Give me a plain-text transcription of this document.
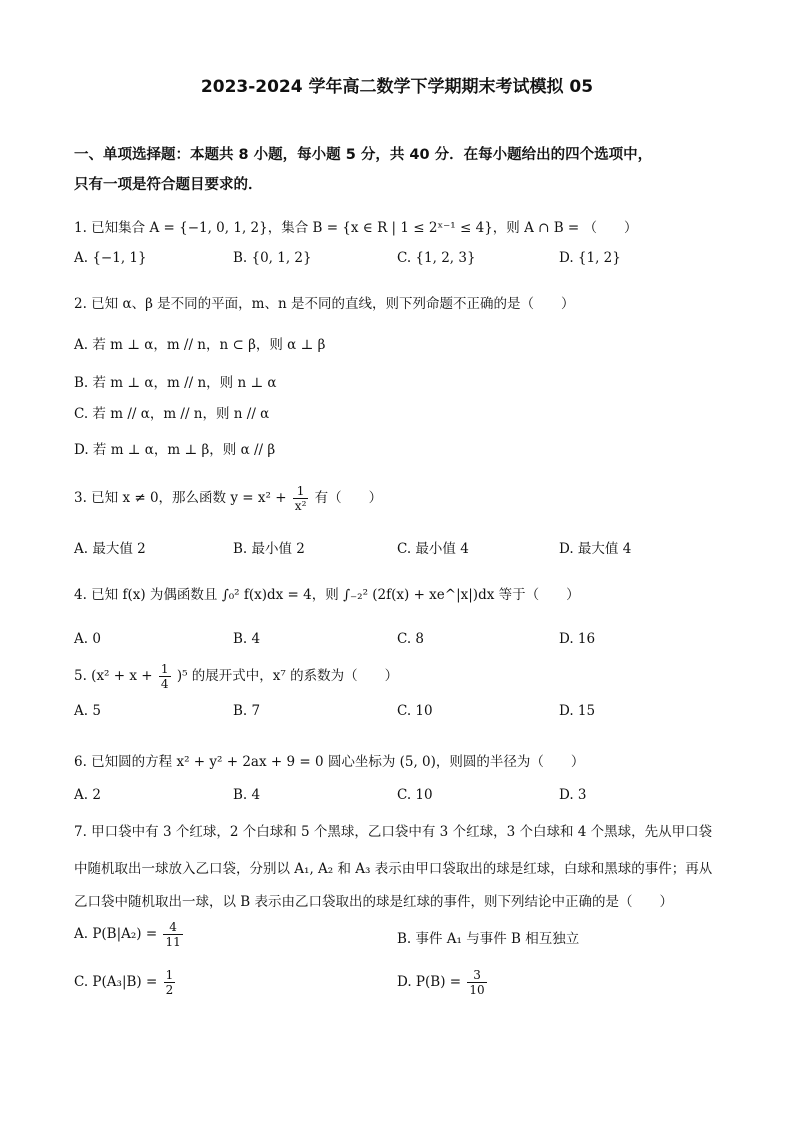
2023-2024 学年高二数学下学期期末考试模拟 05
一、单项选择题：本题共 8 小题，每小题 5 分，共 40 分．在每小题给出的四个选项中，
只有一项是符合题目要求的．
1. 已知集合 A = {−1, 0, 1, 2}，集合 B = {x ∈ R | 1 ≤ 2ˣ⁻¹ ≤ 4}，则 A ∩ B = （　　）
A. {−1, 1}	B. {0, 1, 2}	C. {1, 2, 3}	D. {1, 2}
2. 已知 α、β 是不同的平面，m、n 是不同的直线，则下列命题不正确的是（　　）
A. 若 m ⊥ α，m // n，n ⊂ β，则 α ⊥ β
B. 若 m ⊥ α，m // n，则 n ⊥ α
C. 若 m // α，m // n，则 n // α
D. 若 m ⊥ α，m ⊥ β，则 α // β
3. 已知 x ≠ 0，那么函数 $y = x^2 + \frac{1}{\text{x²}}$ 有（　　）
A. 最大值 2	B. 最小值 2	C. 最小值 4	D. 最大值 4
4. 已知 f(x) 为偶函数且 ∫₀² f(x)dx = 4，则 ∫₋₂² (2f(x) + xe^|x|)dx 等于（　　）
A. 0	B. 4	C. 8	D. 16
5. $(x^2 + x + \frac{1}{4} )^5$ 的展开式中，x⁷ 的系数为（　　）
A. 5	B. 7	C. 10	D. 15
6. 已知圆的方程 x² + y² + 2ax + 9 = 0 圆心坐标为 (5, 0)，则圆的半径为（　　）
A. 2	B. 4	C. 10	D. 3
7. 甲口袋中有 3 个红球，2 个白球和 5 个黑球，乙口袋中有 3 个红球，3 个白球和 4 个黑球，先从甲口袋
中随机取出一球放入乙口袋，分别以 A₁, A₂ 和 A₃ 表示由甲口袋取出的球是红球，白球和黑球的事件；再从
乙口袋中随机取出一球，以 B 表示由乙口袋取出的球是红球的事件，则下列结论中正确的是（　　）
A. $P(B|A_2) = \frac{4}{11}$	B. 事件 A₁ 与事件 B 相互独立
C. $P(A_3|B) = \frac{1}{2}$	D. $P(B) = \frac{3}{10}$
